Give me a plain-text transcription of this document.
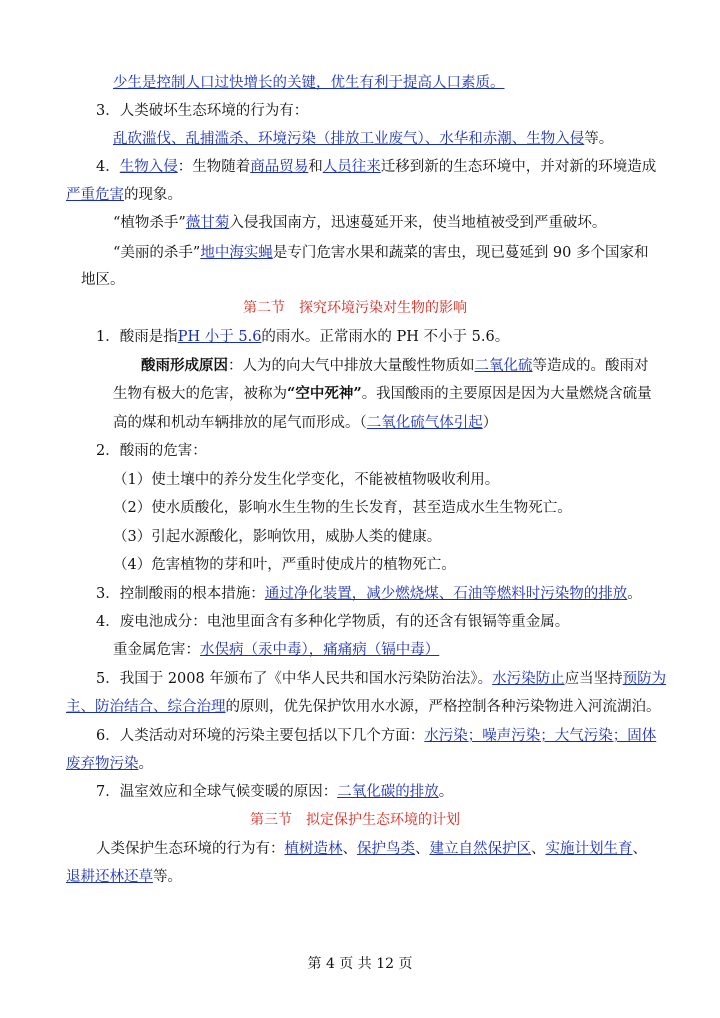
少生是控制人口过快增长的关键，优生有利于提高人口素质。
3．人类破坏生态环境的行为有：
乱砍滥伐、乱捕滥杀、环境污染（排放工业废气）、水华和赤潮、生物入侵等。
4．生物入侵：生物随着商品贸易和人员往来迁移到新的生态环境中，并对新的环境造成
严重危害的现象。
“植物杀手”薇甘菊入侵我国南方，迅速蔓延开来，使当地植被受到严重破坏。
“美丽的杀手”地中海实蝇是专门危害水果和蔬菜的害虫，现已蔓延到 90 多个国家和
地区。
第二节　探究环境污染对生物的影响
1．酸雨是指PH 小于 5.6的雨水。正常雨水的 PH 不小于 5.6。
酸雨形成原因：人为的向大气中排放大量酸性物质如二氧化硫等造成的。酸雨对
生物有极大的危害，被称为“空中死神”。我国酸雨的主要原因是因为大量燃烧含硫量
高的煤和机动车辆排放的尾气而形成。（二氧化硫气体引起）
2．酸雨的危害：
（1）使土壤中的养分发生化学变化，不能被植物吸收利用。
（2）使水质酸化，影响水生生物的生长发育，甚至造成水生生物死亡。
（3）引起水源酸化，影响饮用，威胁人类的健康。
（4）危害植物的芽和叶，严重时使成片的植物死亡。
3．控制酸雨的根本措施：通过净化装置，减少燃烧煤、石油等燃料时污染物的排放。
4．废电池成分：电池里面含有多种化学物质，有的还含有银镉等重金属。
重金属危害：水俣病（汞中毒），痛痛病（镉中毒）
5．我国于 2008 年颁布了《中华人民共和国水污染防治法》。水污染防止应当坚持预防为
主、防治结合、综合治理的原则，优先保护饮用水水源，严格控制各种污染物进入河流湖泊。
6．人类活动对环境的污染主要包括以下几个方面：水污染；噪声污染；大气污染；固体
废弃物污染。
7．温室效应和全球气候变暖的原因：二氧化碳的排放。
第三节　拟定保护生态环境的计划
人类保护生态环境的行为有：植树造林、保护鸟类、建立自然保护区、实施计划生育、
退耕还林还草等。
第 4 页 共 12 页
